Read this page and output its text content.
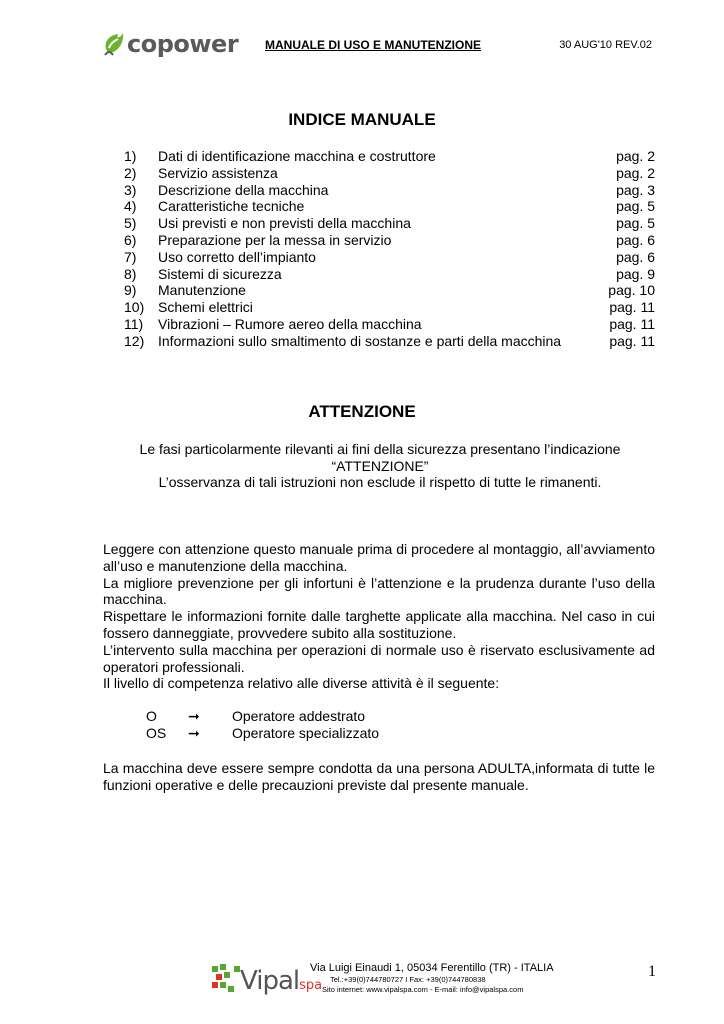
copower MANUALE DI USO E MANUTENZIONE	30 AUG'10 REV.02
INDICE MANUALE
1)	Dati di identificazione macchina e costruttore	pag. 2
2)	Servizio assistenza	pag. 2
3)	Descrizione della macchina	pag. 3
4)	Caratteristiche tecniche	pag. 5
5)	Usi previsti e non previsti della macchina	pag. 5
6)	Preparazione per la messa in servizio	pag. 6
7)	Uso corretto dell’impianto	pag. 6
8)	Sistemi di sicurezza	pag. 9
9)	Manutenzione	pag. 10
10) Schemi elettrici	pag. 11
11)	Vibrazioni – Rumore aereo della macchina	pag. 11
12) Informazioni sullo smaltimento di sostanze e parti della macchina	pag. 11
ATTENZIONE
Le fasi particolarmente rilevanti ai fini della sicurezza presentano l’indicazione
“ATTENZIONE”
L’osservanza di tali istruzioni non esclude il rispetto di tutte le rimanenti.

Leggere con attenzione questo manuale prima di procedere al montaggio, all’avviamento all’uso e manutenzione della macchina.

La migliore prevenzione per gli infortuni è l’attenzione e la prudenza durante l’uso della macchina.

Rispettare le informazioni fornite dalle targhette applicate alla macchina. Nel caso in cui fossero danneggiate, provvedere subito alla sostituzione.

L’intervento sulla macchina per operazioni di normale uso è riservato esclusivamente ad operatori professionali.

Il livello di competenza relativo alle diverse attività è il seguente:

O	➞	Operatore addestrato
OS	➞	Operatore specializzato

La macchina deve essere sempre condotta da una persona ADULTA,informata di tutte le funzioni operative e delle precauzioni previste dal presente manuale.

Vipalspa
Via Luigi Einaudi 1, 05034 Ferentillo (TR) - ITALIA
Tel.:+39(0)744780727 I Fax: +39(0)744780838
Sito internet: www.vipalspa.com - E-mail: info@vipalspa.com
1
